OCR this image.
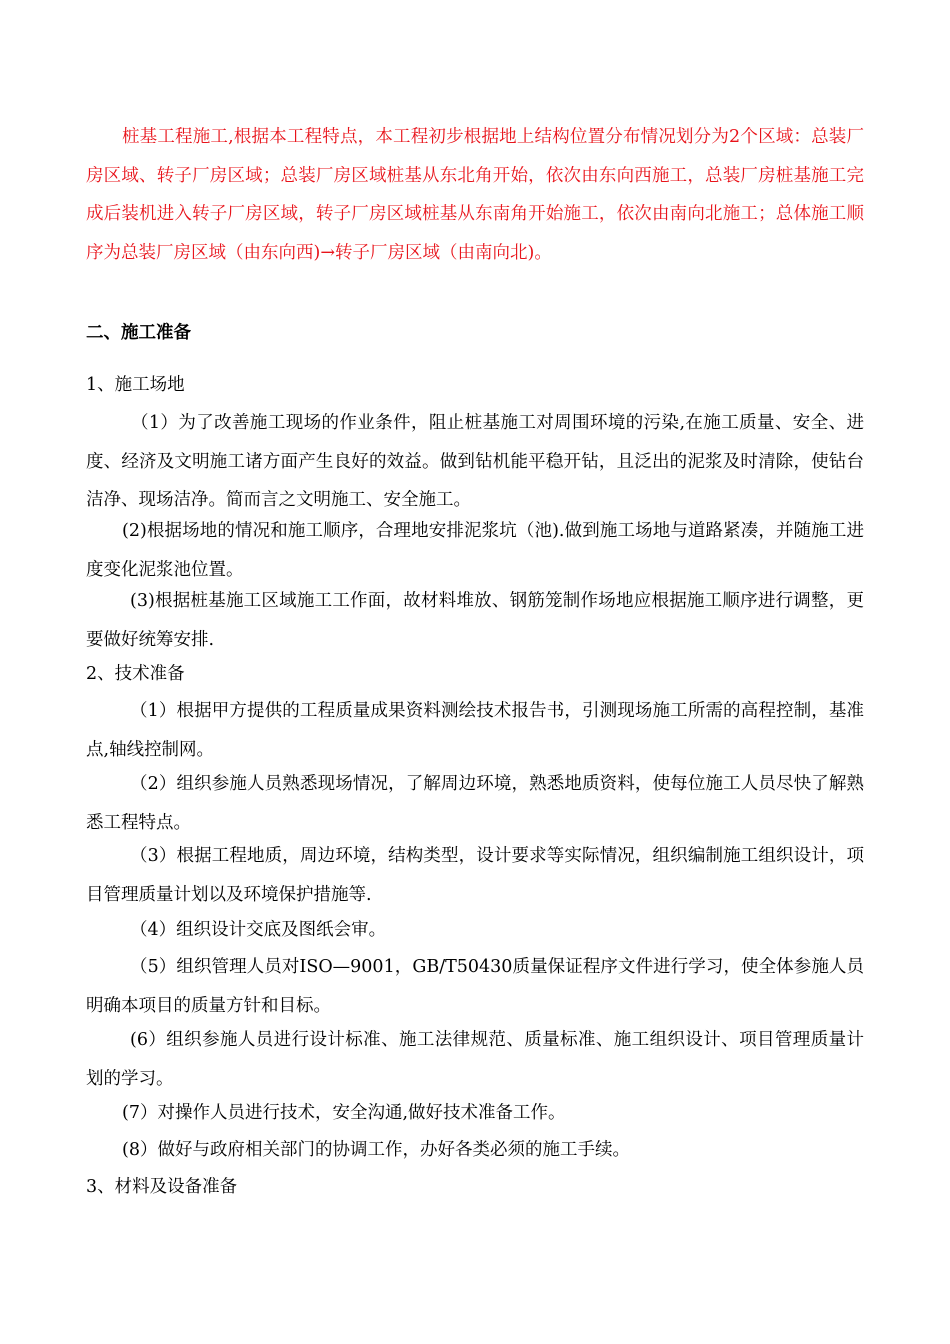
桩基工程施工,根据本工程特点，本工程初步根据地上结构位置分布情况划分为2个区域：总装厂房区域、转子厂房区域；总装厂房区域桩基从东北角开始，依次由东向西施工，总装厂房桩基施工完成后装机进入转子厂房区域，转子厂房区域桩基从东南角开始施工，依次由南向北施工；总体施工顺序为总装厂房区域（由东向西)→转子厂房区域（由南向北)。

二、施工准备

1、施工场地

（1）为了改善施工现场的作业条件，阻止桩基施工对周围环境的污染,在施工质量、安全、进度、经济及文明施工诸方面产生良好的效益。做到钻机能平稳开钻，且泛出的泥浆及时清除，使钻台洁净、现场洁净。简而言之文明施工、安全施工。

(2)根据场地的情况和施工顺序，合理地安排泥浆坑（池).做到施工场地与道路紧凑，并随施工进度变化泥浆池位置。

(3)根据桩基施工区域施工工作面，故材料堆放、钢筋笼制作场地应根据施工顺序进行调整，更要做好统筹安排.

2、技术准备

（1）根据甲方提供的工程质量成果资料测绘技术报告书，引测现场施工所需的高程控制，基准点,轴线控制网。

（2）组织参施人员熟悉现场情况，了解周边环境，熟悉地质资料，使每位施工人员尽快了解熟悉工程特点。

（3）根据工程地质，周边环境，结构类型，设计要求等实际情况，组织编制施工组织设计，项目管理质量计划以及环境保护措施等.

（4）组织设计交底及图纸会审。

（5）组织管理人员对ISO—9001，GB/T50430质量保证程序文件进行学习，使全体参施人员明确本项目的质量方针和目标。

(6）组织参施人员进行设计标准、施工法律规范、质量标准、施工组织设计、项目管理质量计划的学习。

(7）对操作人员进行技术，安全沟通,做好技术准备工作。

(8）做好与政府相关部门的协调工作，办好各类必须的施工手续。

3、材料及设备准备
